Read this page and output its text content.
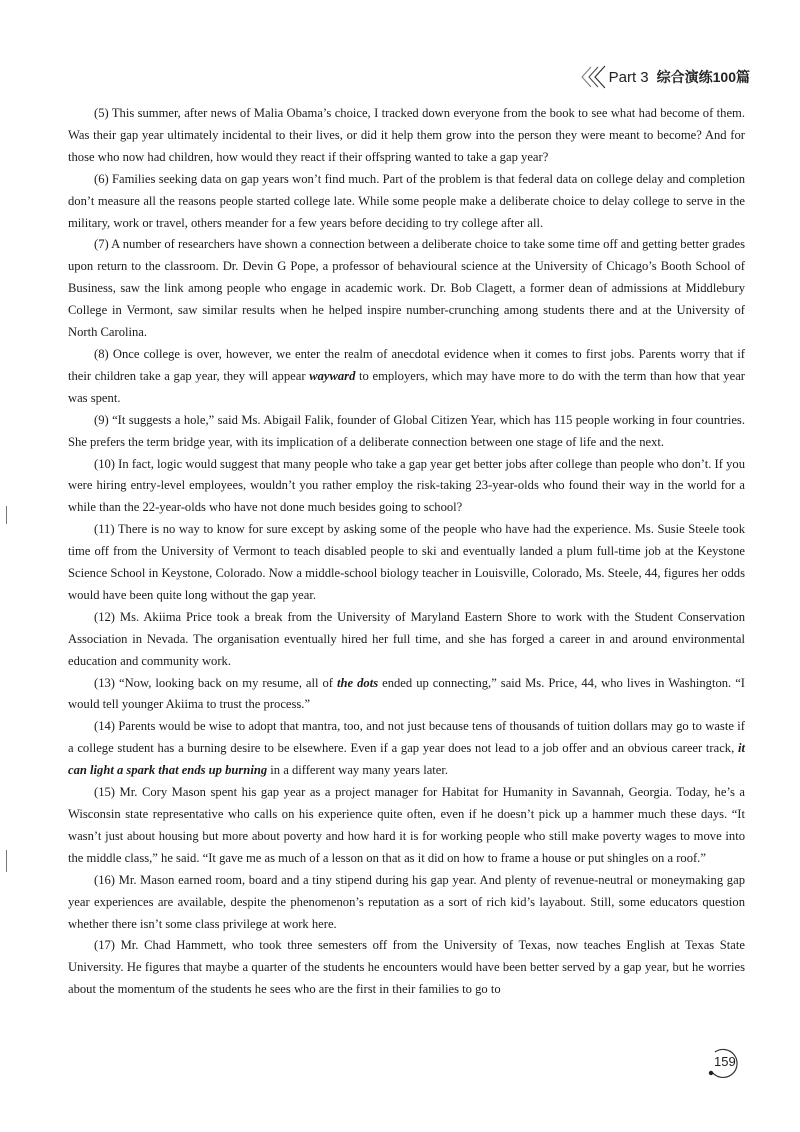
Part 3 综合演练100篇

(5) This summer, after news of Malia Obama’s choice, I tracked down everyone from the book to see what had become of them. Was their gap year ultimately incidental to their lives, or did it help them grow into the person they were meant to become? And for those who now had children, how would they react if their offspring wanted to take a gap year?

(6) Families seeking data on gap years won’t find much. Part of the problem is that federal data on college delay and completion don’t measure all the reasons people started college late. While some people make a deliberate choice to delay college to serve in the military, work or travel, others meander for a few years before deciding to try college after all.

(7) A number of researchers have shown a connection between a deliberate choice to take some time off and getting better grades upon return to the classroom. Dr. Devin G Pope, a professor of behavioural science at the University of Chicago’s Booth School of Business, saw the link among people who engage in academic work. Dr. Bob Clagett, a former dean of admissions at Middlebury College in Vermont, saw similar results when he helped inspire number-crunching among students there and at the University of North Carolina.

(8) Once college is over, however, we enter the realm of anecdotal evidence when it comes to first jobs. Parents worry that if their children take a gap year, they will appear wayward to employers, which may have more to do with the term than how that year was spent.

(9) “It suggests a hole,” said Ms. Abigail Falik, founder of Global Citizen Year, which has 115 people working in four countries. She prefers the term bridge year, with its implication of a deliberate connection between one stage of life and the next.

(10) In fact, logic would suggest that many people who take a gap year get better jobs after college than people who don’t. If you were hiring entry-level employees, wouldn’t you rather employ the risk-taking 23-year-olds who found their way in the world for a while than the 22-year-olds who have not done much besides going to school?

(11) There is no way to know for sure except by asking some of the people who have had the experience. Ms. Susie Steele took time off from the University of Vermont to teach disabled people to ski and eventually landed a plum full-time job at the Keystone Science School in Keystone, Colorado. Now a middle-school biology teacher in Louisville, Colorado, Ms. Steele, 44, figures her odds would have been quite long without the gap year.

(12) Ms. Akiima Price took a break from the University of Maryland Eastern Shore to work with the Student Conservation Association in Nevada. The organisation eventually hired her full time, and she has forged a career in and around environmental education and community work.

(13) “Now, looking back on my resume, all of the dots ended up connecting,” said Ms. Price, 44, who lives in Washington. “I would tell younger Akiima to trust the process.”

(14) Parents would be wise to adopt that mantra, too, and not just because tens of thousands of tuition dollars may go to waste if a college student has a burning desire to be elsewhere. Even if a gap year does not lead to a job offer and an obvious career track, it can light a spark that ends up burning in a different way many years later.

(15) Mr. Cory Mason spent his gap year as a project manager for Habitat for Humanity in Savannah, Georgia. Today, he’s a Wisconsin state representative who calls on his experience quite often, even if he doesn’t pick up a hammer much these days. “It wasn’t just about housing but more about poverty and how hard it is for working people who still make poverty wages to move into the middle class,” he said. “It gave me as much of a lesson on that as it did on how to frame a house or put shingles on a roof.”

(16) Mr. Mason earned room, board and a tiny stipend during his gap year. And plenty of revenue-neutral or moneymaking gap year experiences are available, despite the phenomenon’s reputation as a sort of rich kid’s layabout. Still, some educators question whether there isn’t some class privilege at work here.

(17) Mr. Chad Hammett, who took three semesters off from the University of Texas, now teaches English at Texas State University. He figures that maybe a quarter of the students he encounters would have been better served by a gap year, but he worries about the momentum of the students he sees who are the first in their families to go to

159
